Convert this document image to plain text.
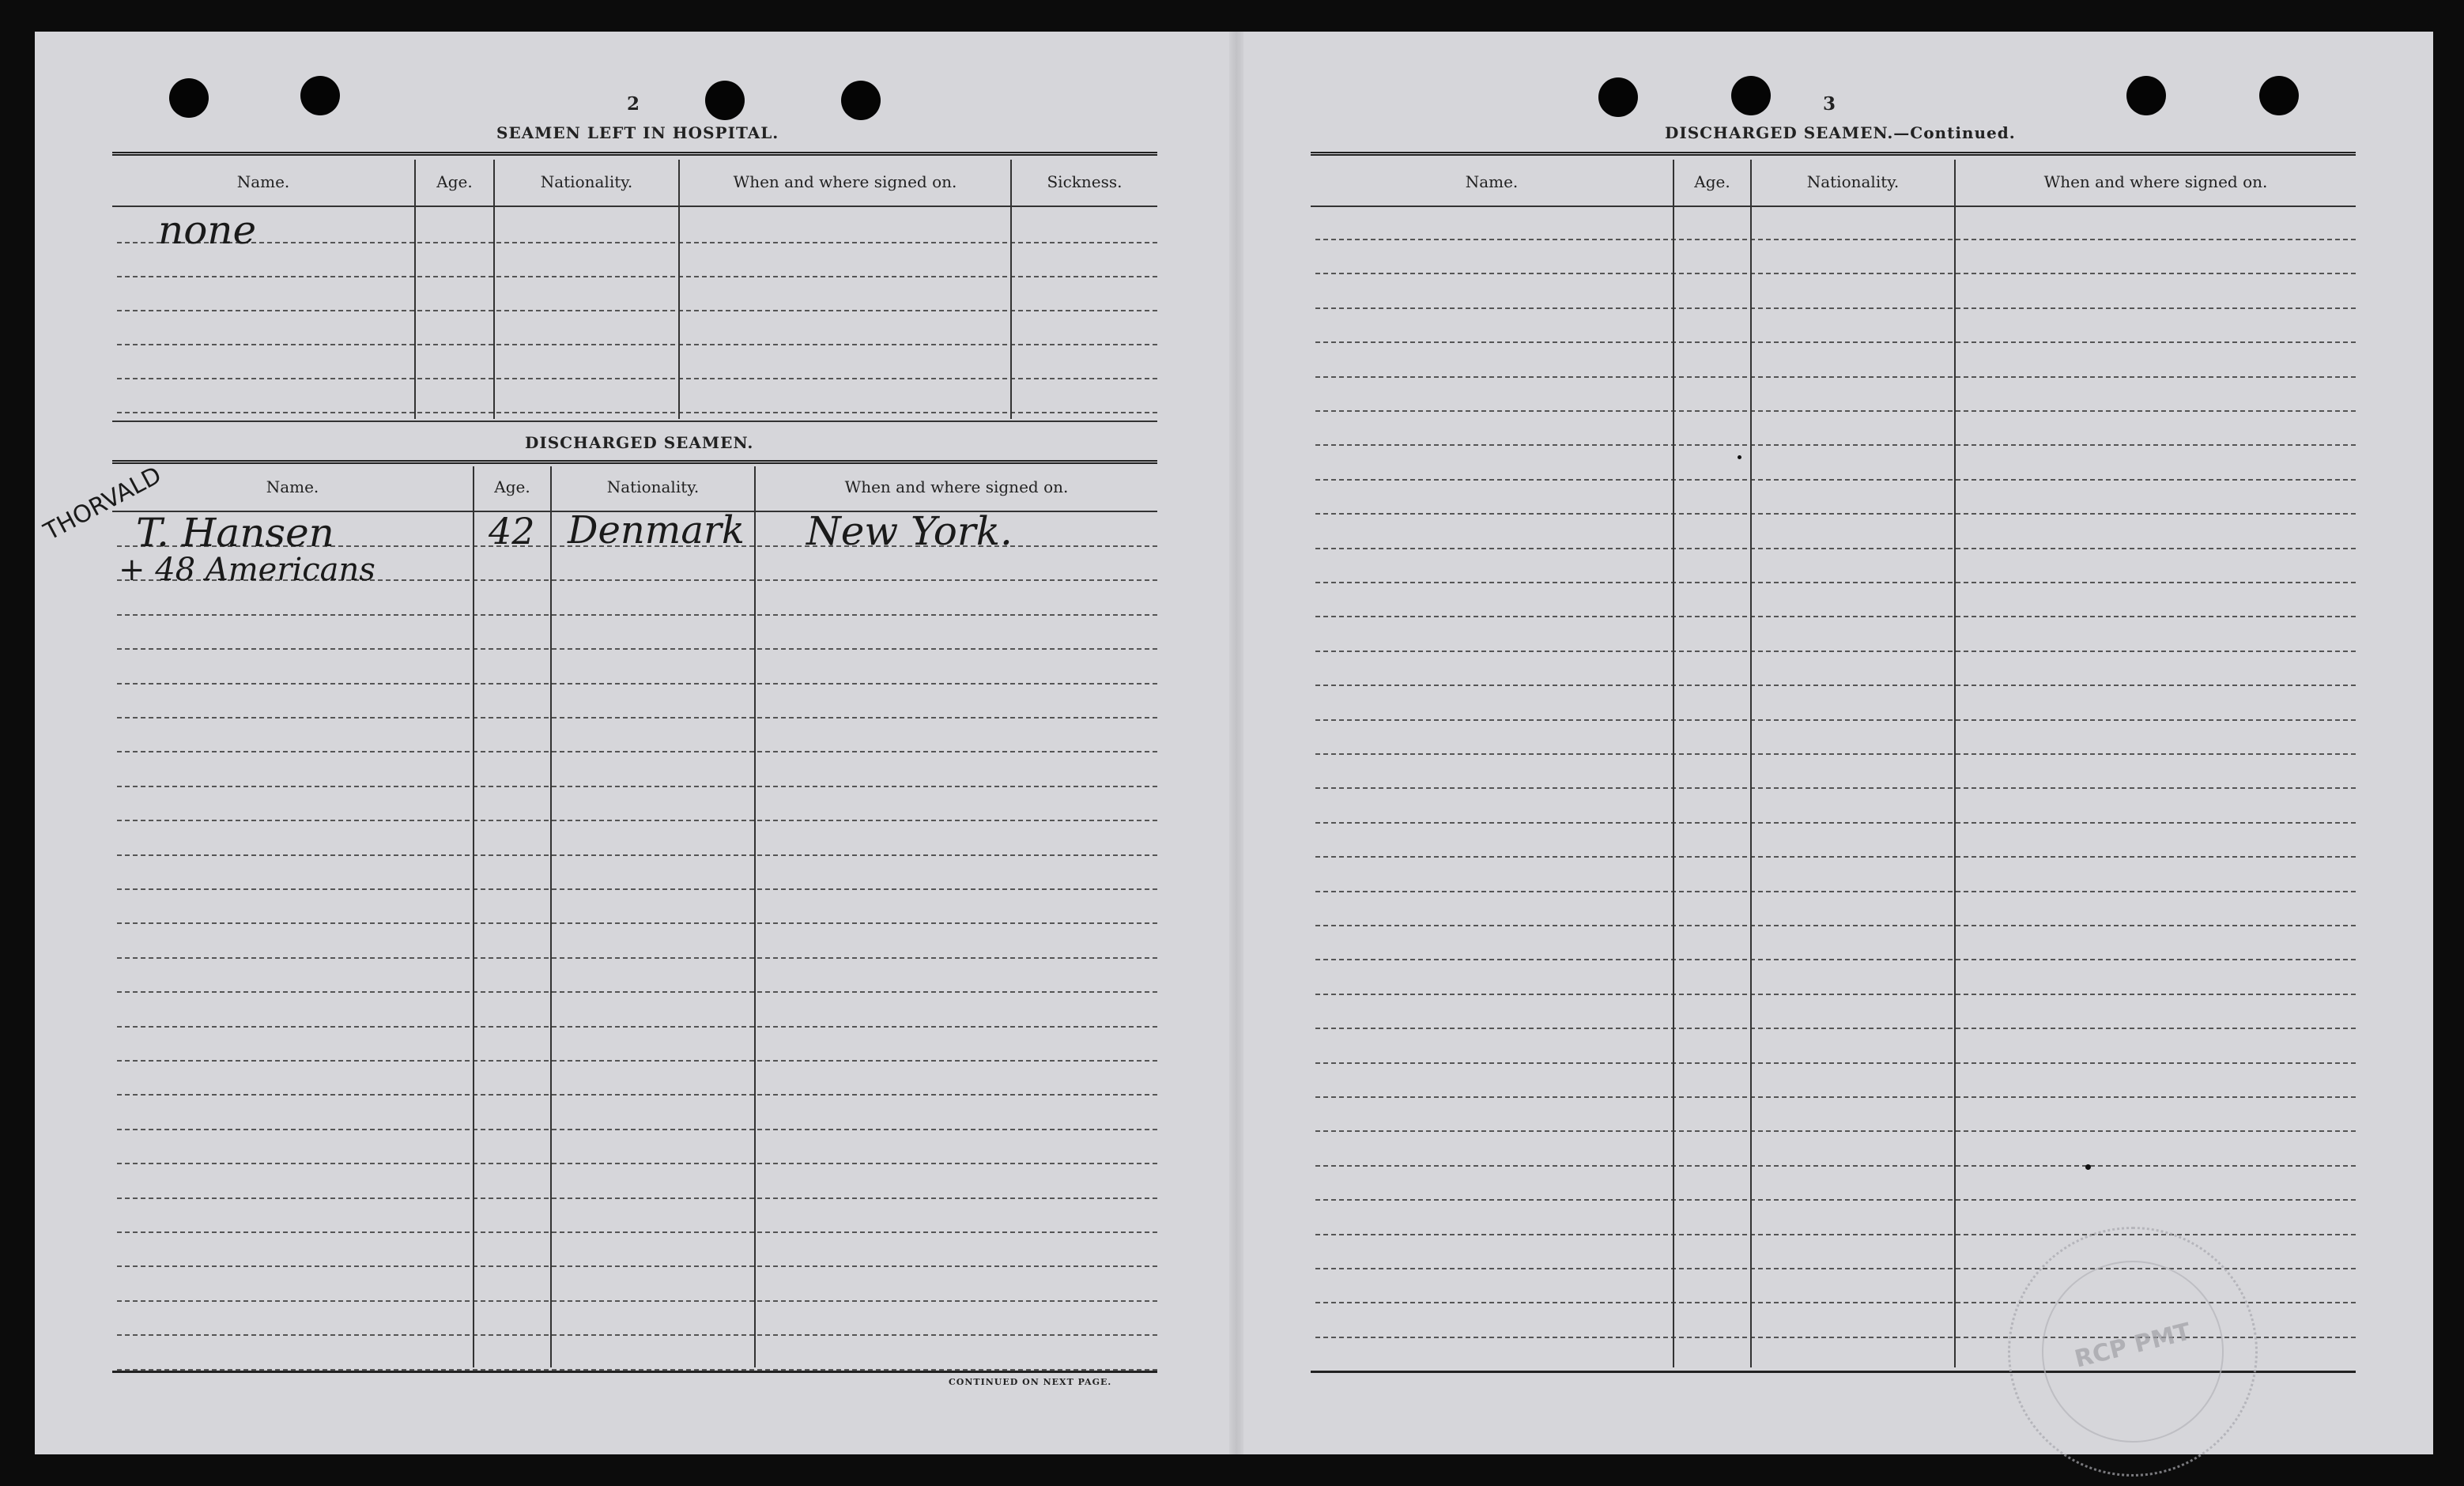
2
SEAMEN LEFT IN HOSPITAL.
Name.	Age.	Nationality.	When and where signed on.	Sickness.
none
DISCHARGED SEAMEN.
Name.	Age.	Nationality.	When and where signed on.
CONTINUED ON NEXT PAGE.
THORVALD
T. Hansen	42 Denmark New York.
+ 48 Americans
3
DISCHARGED SEAMEN.—Continued.
Name.	Age.	Nationality.	When and where signed on.
RCP PMT
